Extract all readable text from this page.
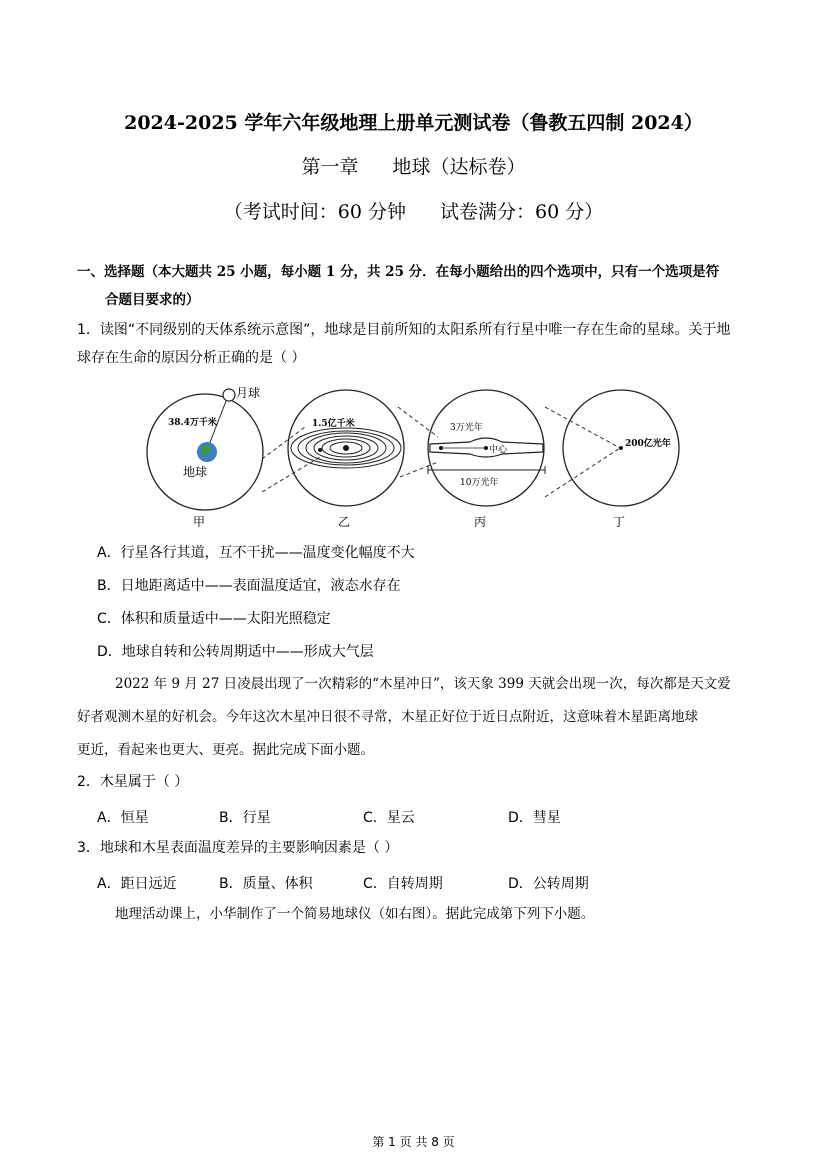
2024-2025 学年六年级地理上册单元测试卷（鲁教五四制 2024）
第一章 地球（达标卷）
（考试时间：60 分钟 试卷满分：60 分）
一、选择题（本大题共 25 小题，每小题 1 分，共 25 分．在每小题给出的四个选项中，只有一个选项是符

合题目要求的）
1．读图“不同级别的天体系统示意图”，地球是目前所知的太阳系所有行星中唯一存在生命的星球。关于地
球存在生命的原因分析正确的是（ ）
月球
38.4万千米
地球
1.5亿千米	3万光年
中心
10万光年
200亿光年
甲	乙	丙	丁
A．行星各行其道，互不干扰——温度变化幅度不大
B．日地距离适中——表面温度适宜，液态水存在
C．体积和质量适中——太阳光照稳定
D．地球自转和公转周期适中——形成大气层
2022 年 9 月 27 日凌晨出现了一次精彩的“木星冲日”，该天象 399 天就会出现一次，每次都是天文爱
好者观测木星的好机会。今年这次木星冲日很不寻常，木星正好位于近日点附近，这意味着木星距离地球
更近，看起来也更大、更亮。据此完成下面小题。
2．木星属于（ ）
A．恒星	B．行星	C．星云	D．彗星
3．地球和木星表面温度差异的主要影响因素是（ ）
A．距日远近	B．质量、体积	C．自转周期	D．公转周期
地理活动课上，小华制作了一个简易地球仪（如右图）。据此完成第下列下小题。
第 1 页 共 8 页
